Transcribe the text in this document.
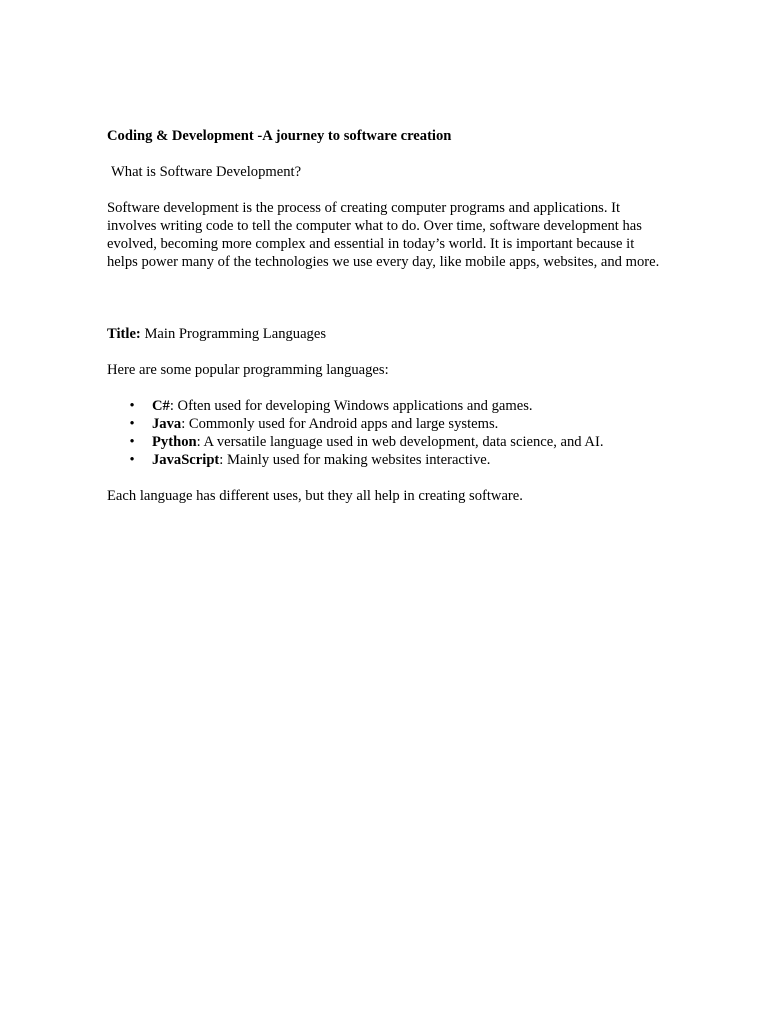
Coding & Development -A journey to software creation

What is Software Development?

Software development is the process of creating computer programs and applications. It involves writing code to tell the computer what to do. Over time, software development has evolved, becoming more complex and essential in today’s world. It is important because it helps power many of the technologies we use every day, like mobile apps, websites, and more.

Title: Main Programming Languages

Here are some popular programming languages:

• C#: Often used for developing Windows applications and games.
• Java: Commonly used for Android apps and large systems.
• Python: A versatile language used in web development, data science, and AI.
• JavaScript: Mainly used for making websites interactive.

Each language has different uses, but they all help in creating software.
